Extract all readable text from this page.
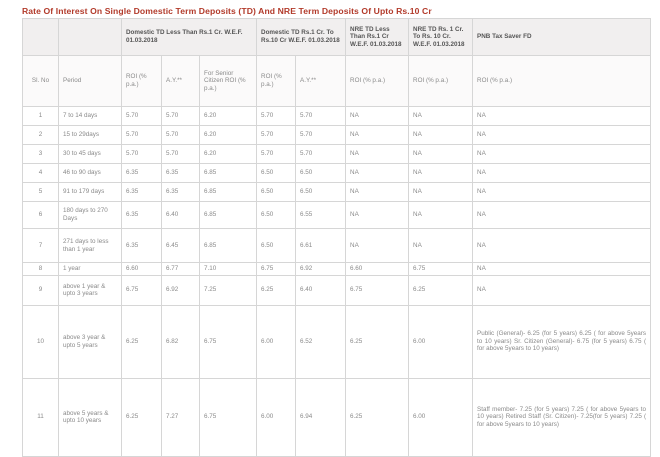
Rate Of Interest On Single Domestic Term Deposits (TD) And NRE Term Deposits Of Upto Rs.10 Cr
		Domestic TD Less Than Rs.1 Cr. W.E.F. 01.03.2018			Domestic TD Rs.1 Cr. To Rs.10 Cr W.E.F. 01.03.2018		NRE TD Less Than Rs.1 Cr W.E.F. 01.03.2018	NRE TD Rs. 1 Cr. To Rs. 10 Cr. W.E.F. 01.03.2018	PNB Tax Saver FD
Sl. No	Period	ROI (% p.a.)	A.Y.**	For Senior Citizen ROI (% p.a.)	ROI (% p.a.)	A.Y.**	ROI (% p.a.)	ROI (% p.a.)	ROI (% p.a.)
1	7 to 14 days	5.70	5.70	6.20	5.70	5.70	NA	NA	NA
2	15 to 29days	5.70	5.70	6.20	5.70	5.70	NA	NA	NA
3	30 to 45 days	5.70	5.70	6.20	5.70	5.70	NA	NA	NA
4	46 to 90 days	6.35	6.35	6.85	6.50	6.50	NA	NA	NA
5	91 to 179 days	6.35	6.35	6.85	6.50	6.50	NA	NA	NA
6	180 days to 270 Days	6.35	6.40	6.85	6.50	6.55	NA	NA	NA
7	271 days to less than 1 year	6.35	6.45	6.85	6.50	6.61	NA	NA	NA
8	1 year	6.60	6.77	7.10	6.75	6.92	6.60	6.75	NA
9	above 1 year & upto 3 years	6.75	6.92	7.25	6.25	6.40	6.75	6.25	NA
10	above 3 year & upto 5 years	6.25	6.82	6.75	6.00	6.52	6.25	6.00	Public (General)- 6.25 (for 5 years) 6.25 ( for above 5years to 10 years) Sr. Citizen (General)- 6.75 (for 5 years) 6.75 ( for above 5years to 10 years)
11	above 5 years & upto 10 years	6.25	7.27	6.75	6.00	6.94	6.25	6.00	Staff member- 7.25 (for 5 years) 7.25 ( for above 5years to 10 years) Retired Staff (Sr. Citizen)- 7.25(for 5 years) 7.25 ( for above 5years to 10 years)
